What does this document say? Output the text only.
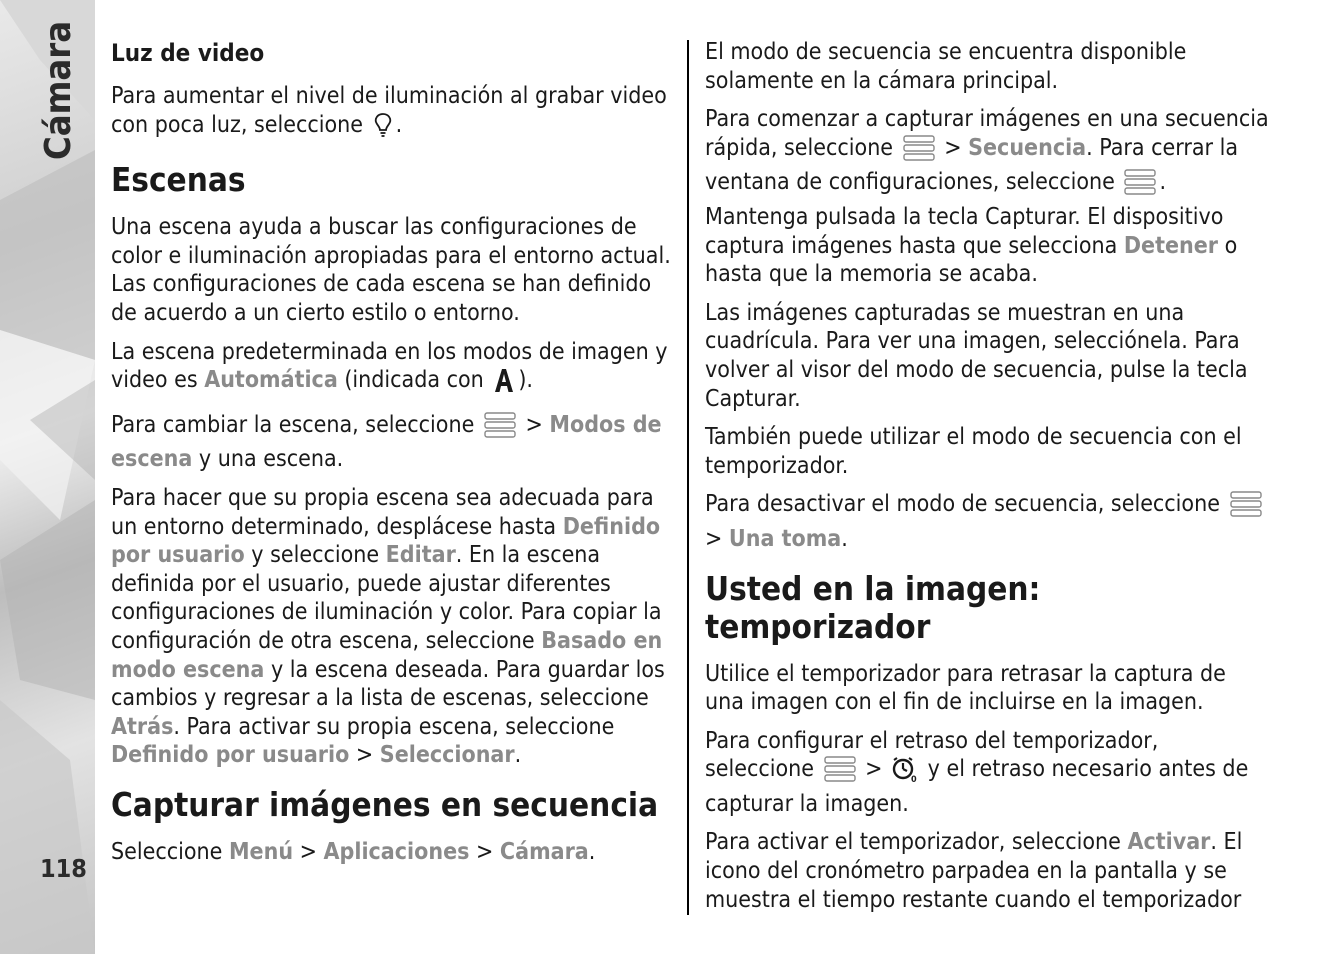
Cámara
118
Luz de video

Para aumentar el nivel de iluminación al grabar video con poca luz, seleccione .

Escenas

Una escena ayuda a buscar las configuraciones de color e iluminación apropiadas para el entorno actual. Las configuraciones de cada escena se han definido de acuerdo a un cierto estilo o entorno.

La escena predeterminada en los modos de imagen y video es Automática (indicada con ).

Para cambiar la escena, seleccione  > Modos de escena y una escena.

Para hacer que su propia escena sea adecuada para un entorno determinado, desplácese hasta Definido por usuario y seleccione Editar. En la escena definida por el usuario, puede ajustar diferentes configuraciones de iluminación y color. Para copiar la configuración de otra escena, seleccione Basado en modo escena y la escena deseada. Para guardar los cambios y regresar a la lista de escenas, seleccione Atrás. Para activar su propia escena, seleccione Definido por usuario > Seleccionar.

Capturar imágenes en secuencia

Seleccione Menú > Aplicaciones > Cámara.

El modo de secuencia se encuentra disponible solamente en la cámara principal.

Para comenzar a capturar imágenes en una secuencia rápida, seleccione  > Secuencia. Para cerrar la ventana de configuraciones, seleccione . Mantenga pulsada la tecla Capturar. El dispositivo captura imágenes hasta que selecciona Detener o hasta que la memoria se acaba.

Las imágenes capturadas se muestran en una cuadrícula. Para ver una imagen, selecciónela. Para volver al visor del modo de secuencia, pulse la tecla Capturar.

También puede utilizar el modo de secuencia con el temporizador.

Para desactivar el modo de secuencia, seleccione  > Una toma.

Usted en la imagen: temporizador

Utilice el temporizador para retrasar la captura de una imagen con el fin de incluirse en la imagen.

Para configurar el retraso del temporizador, seleccione  > 0 y el retraso necesario antes de capturar la imagen.

Para activar el temporizador, seleccione Activar. El icono del cronómetro parpadea en la pantalla y se muestra el tiempo restante cuando el temporizador
